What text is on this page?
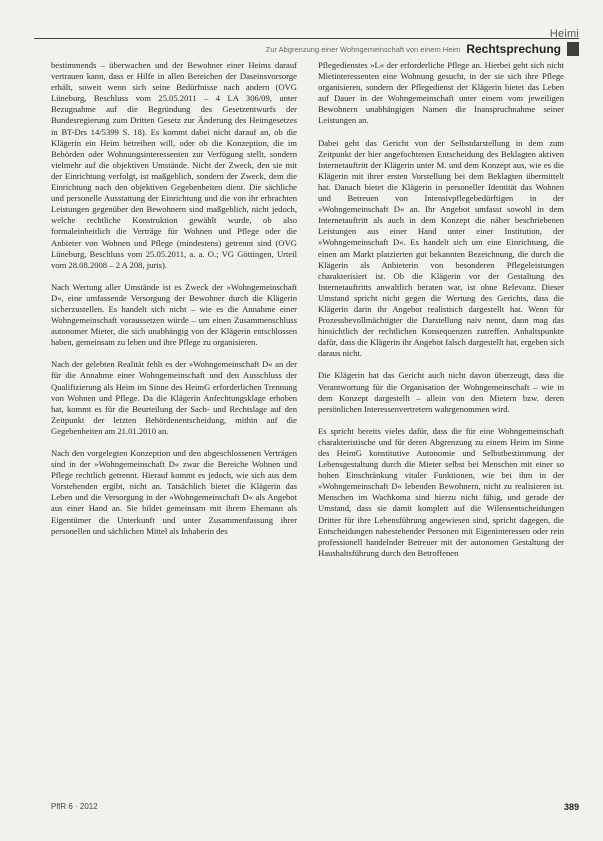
Heimi
Zur Abgrenzung einer Wohngemeinschaft von einem Heim Rechtsprechung

bestimmends – überwachen und der Bewohner einer Heims darauf vertrauen kann, dass er Hilfe in allen Bereichen der Daseinsvorsorge erhält, soweit wenn sich seine Bedürfnisse nach andern (OVG Lüneburg, Beschluss vom 25.05.2011 – 4 LA 306/09, unter Bezugnahme auf die Begründung des Gesetzentwurfs der Bundesregierung zum Dritten Gesetz zur Änderung des Heimgesetzes in BT-Drs 14/5399 S. 18). Es kommt dabei nicht darauf an, ob die Klägerin ein Heim betreiben will, oder ob die Konzeption, die im Behörden oder Wohnungsinteressenten zur Verfügung stellt, sondern vielmehr auf die objektiven Umstände. Nicht der Zweck, den sie mit der Einrichtung verfolgt, ist maßgeblich, sondern der Zweck, dem die Einrichtung nach den objektiven Gegebenheiten dient. Die sächliche und personelle Ausstattung der Einrichtung und die von ihr erbrachten Leistungen gegenüber den Bewohnern sind maßgeblich, nicht jedoch, welche rechtliche Konstruktion gewählt wurde, ob also formaleinheitlich die Verträge für Wohnen und Pflege oder die Anbieter von Wohnen und Pflege (mindestens) getrennt sind (OVG Lüneburg, Beschluss vom 25.05.2011, a. a. O.; VG Göttingen, Urteil vom 28.08.2008 – 2 A 208, juris).

Nach Wertung aller Umstände ist es Zweck der »Wohngemeinschaft D«, eine umfassende Versorgung der Bewohner durch die Klägerin sicherzustellen. Es handelt sich nicht – wie es die Annahme einer Wohngemeinschaft voraussetzen würde – um einen Zusammenschluss autonomer Mieter, die sich unabhängig von der Klägerin entschlossen haben, gemeinsam zu leben und ihre Pflege zu organisieren.

Nach der gelebten Realität fehlt es der »Wohngemeinschaft D« an der für die Annahme einer Wohngemeinschaft und den Ausschluss der Qualifizierung als Heim im Sinne des HeimG erforderlichen Trennung von Wohnen und Pflege. Da die Klägerin Anfechtungsklage erhoben hat, kommt es für die Beurteilung der Sach- und Rechtslage auf den Zeitpunkt der letzten Behördenentscheidung, mithin auf die Gegebenheiten am 21.01.2010 an.

Nach den vorgelegten Konzeption und den abgeschlossenen Verträgen sind in der »Wohngemeinschaft D« zwar die Bereiche Wohnen und Pflege rechtlich getrennt. Hierauf kommt es jedoch, wie sich aus dem Vorstehenden ergibt, nicht an. Tatsächlich bietet die Klägerin das Leben und die Versorgung in der »Wohngemeinschaft D« als Angebot aus einer Hand an. Sie bildet gemeinsam mit ihrem Ehemann als Eigentümer die Unterkunft und unter Zusammenfassung ihrer personellen und sächlichen Mittel als Inhaberin des

Pflegedienstes »L« der erforderliche Pflege an. Hierbei geht sich nicht Mietinteressenten eine Wohnung gesucht, in der sie sich ihre Pflege organisieren, sondern der Pflegedienst der Klägerin bietet das Leben auf Dauer in der Wohngemeinschaft unter einem vom jeweiligen Bewohnern unabhängigen Namen die Inanspruchnahme seiner Leistungen an.

Dabei geht das Gericht von der Selbstdarstellung in dem zum Zeitpunkt der hier angefochtenen Entscheidung des Beklagten aktiven Internetauftritt der Klägerin unter M. und dem Konzept aus, wie es die Klägerin mit ihrer ersten Vorstellung bei dem Beklagten übermittelt hat. Danach bietet die Klägerin in personeller Identität das Wohnen und Betreuen von Intensivpflegebedürftigen in der »Wohngemeinschaft D« an. Ihr Angebot umfasst sowohl in dem Internetauftritt als auch in dem Konzept die näher beschriebenen Leistungen aus einer Hand unter einer Institution, der »Wohngemeinschaft D«. Es handelt sich um eine Einrichtung, die einen am Markt platzierten gut bekannten Bezeichnung, die durch die Klägerin als Anbieterin von besonderen Pflegeleistungen charakterisiert ist. Ob die Klägerin vor der Gestaltung des Internetauftritts anwaltlich beraten war, ist ohne Relevanz. Dieser Umstand spricht nicht gegen die Wertung des Gerichts, dass die Klägerin darin ihr Angebot realistisch dargestellt hat. Wenn für Prozessbevollmächtigter die Darstellung naiv nennt, dann mag das hinsichtlich der rechtlichen Konsequenzen zutreffen. Anhaltspunkte dafür, dass die Klägerin ihr Angebot falsch dargestellt hat, ergeben sich daraus nicht.

Die Klägerin hat das Gericht auch nicht davon überzeugt, dass die Verantwortung für die Organisation der Wohngemeinschaft – wie in dem Konzept dargestellt – allein von den Mietern bzw. deren persönlichen Interessenvertretern wahrgenommen wird.

Es spricht bereits vieles dafür, dass die für eine Wohngemeinschaft charakteristische und für deren Abgrenzung zu einem Heim im Sinne des HeimG konstitutive Autonomie und Selbstbestimmung der Lebensgestaltung durch die Mieter selbst bei Menschen mit einer so hohen Einschränkung vitaler Funktionen, wie bei ihm in der »Wohngemeinschaft D« lebenden Bewohnern, nicht zu realisieren ist. Menschen im Wachkoma sind hierzu nicht fähig, und gerade der Umstand, dass sie damit komplett auf die Wilensentscheidungen Dritter für ihre Lebensführung angewiesen sind, spricht dagegen, die Entscheidungen nahestehender Personen mit Eigeninteressen oder rein professionell handelnder Betreuer mit der autonomen Gestaltung der Haushaltsführung durch den Betroffenen

PflR 6 · 2012	389
